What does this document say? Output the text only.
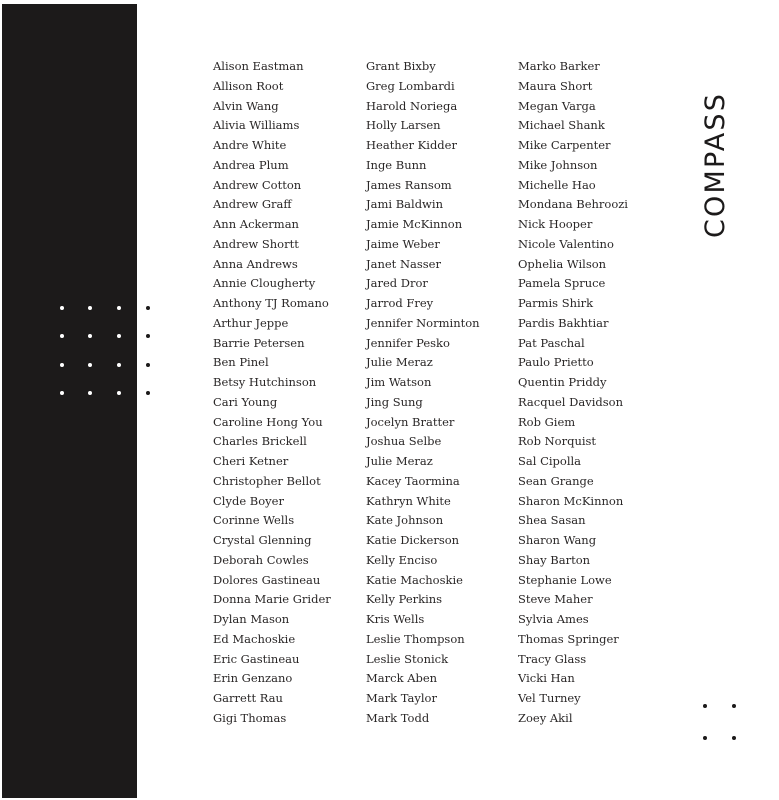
Alison Eastman
Allison Root
Alvin Wang
Alivia Williams
Andre White
Andrea Plum
Andrew Cotton
Andrew Graff
Ann Ackerman
Andrew Shortt
Anna Andrews
Annie Clougherty
Anthony TJ Romano
Arthur Jeppe
Barrie Petersen
Ben Pinel
Betsy Hutchinson
Cari Young
Caroline Hong You
Charles Brickell
Cheri Ketner
Christopher Bellot
Clyde Boyer
Corinne Wells
Crystal Glenning
Deborah Cowles
Dolores Gastineau
Donna Marie Grider
Dylan Mason
Ed Machoskie
Eric Gastineau
Erin Genzano
Garrett Rau
Gigi Thomas
Grant Bixby
Greg Lombardi
Harold Noriega
Holly Larsen
Heather Kidder
Inge Bunn
James Ransom
Jami Baldwin
Jamie McKinnon
Jaime Weber
Janet Nasser
Jared Dror
Jarrod Frey
Jennifer Norminton
Jennifer Pesko
Julie Meraz
Jim Watson
Jing Sung
Jocelyn Bratter
Joshua Selbe
Julie Meraz
Kacey Taormina
Kathryn White
Kate Johnson
Katie Dickerson
Kelly Enciso
Katie Machoskie
Kelly Perkins
Kris Wells
Leslie Thompson
Leslie Stonick
Marck Aben
Mark Taylor
Mark Todd
Marko Barker
Maura Short
Megan Varga
Michael Shank
Mike Carpenter
Mike Johnson
Michelle Hao
Mondana Behroozi
Nick Hooper
Nicole Valentino
Ophelia Wilson
Pamela Spruce
Parmis Shirk
Pardis Bakhtiar
Pat Paschal
Paulo Prietto
Quentin Priddy
Racquel Davidson
Rob Giem
Rob Norquist
Sal Cipolla
Sean Grange
Sharon McKinnon
Shea Sasan
Sharon Wang
Shay Barton
Stephanie Lowe
Steve Maher
Sylvia Ames
Thomas Springer
Tracy Glass
Vicki Han
Vel Turney
Zoey Akil
COMPASS
